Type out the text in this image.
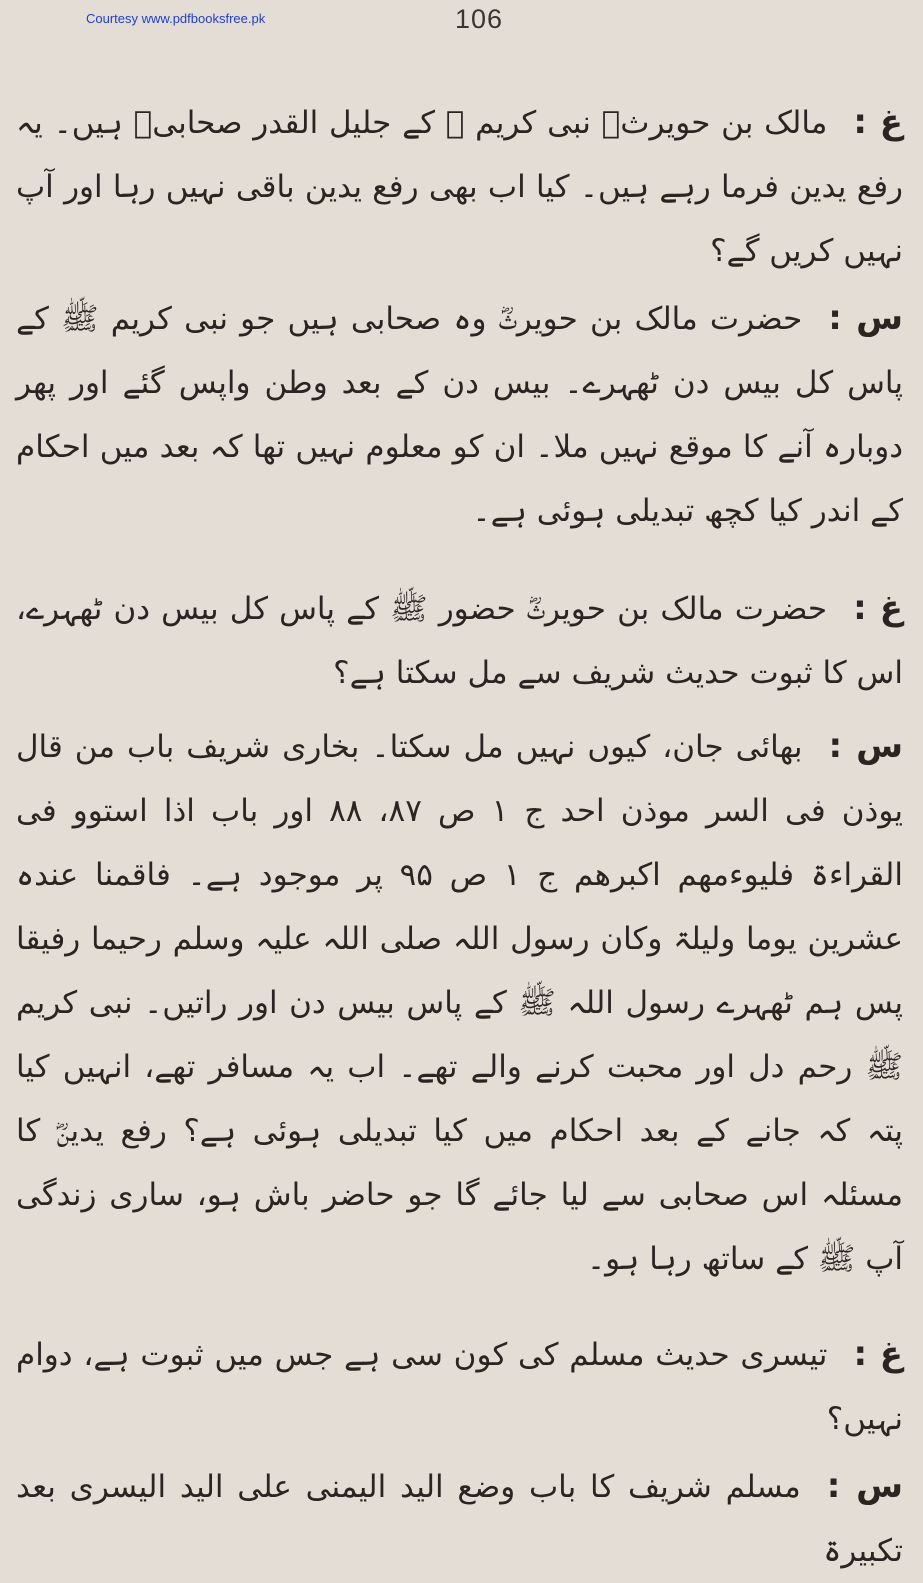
Courtesy www.pdfbooksfree.pk	106

غ :مالک بن حویرثؓ نبی کریم ﷺ کے جلیل القدر صحابیؓ ہیں۔ یہ رفع یدین فرما رہے ہیں۔ کیا اب بھی رفع یدین باقی نہیں رہا اور آپ نہیں کریں گے؟

س :حضرت مالک بن حویرثؓ وہ صحابی ہیں جو نبی کریم ﷺ کے پاس کل بیس دن ٹھہرے۔ بیس دن کے بعد وطن واپس گئے اور پھر دوبارہ آنے کا موقع نہیں ملا۔ ان کو معلوم نہیں تھا کہ بعد میں احکام کے اندر کیا کچھ تبدیلی ہوئی ہے۔

غ :حضرت مالک بن حویرثؓ حضور ﷺ کے پاس کل بیس دن ٹھہرے، اس کا ثبوت حدیث شریف سے مل سکتا ہے؟

س :بھائی جان، کیوں نہیں مل سکتا۔ بخاری شریف باب من قال یوذن فی السر موذن احد ج ۱ ص ۸۷، ۸۸ اور باب اذا استوو فی القراءۃ فلیوءمھم اکبرھم ج ۱ ص ۹۵ پر موجود ہے۔ فاقمنا عندہ عشرین یوما ولیلۃ وکان رسول اللہ صلی اللہ علیہ وسلم رحیما رفیقا پس ہم ٹھہرے رسول اللہ ﷺ کے پاس بیس دن اور راتیں۔ نبی کریم ﷺ رحم دل اور محبت کرنے والے تھے۔ اب یہ مسافر تھے، انہیں کیا پتہ کہ جانے کے بعد احکام میں کیا تبدیلی ہوئی ہے؟ رفع یدینؓ کا مسئلہ اس صحابی سے لیا جائے گا جو حاضر باش ہو، ساری زندگی آپ ﷺ کے ساتھ رہا ہو۔

غ :تیسری حدیث مسلم کی کون سی ہے جس میں ثبوت ہے، دوام نہیں؟

س :مسلم شریف کا باب وضع الید الیمنی علی الید الیسری بعد تکبیرۃ
